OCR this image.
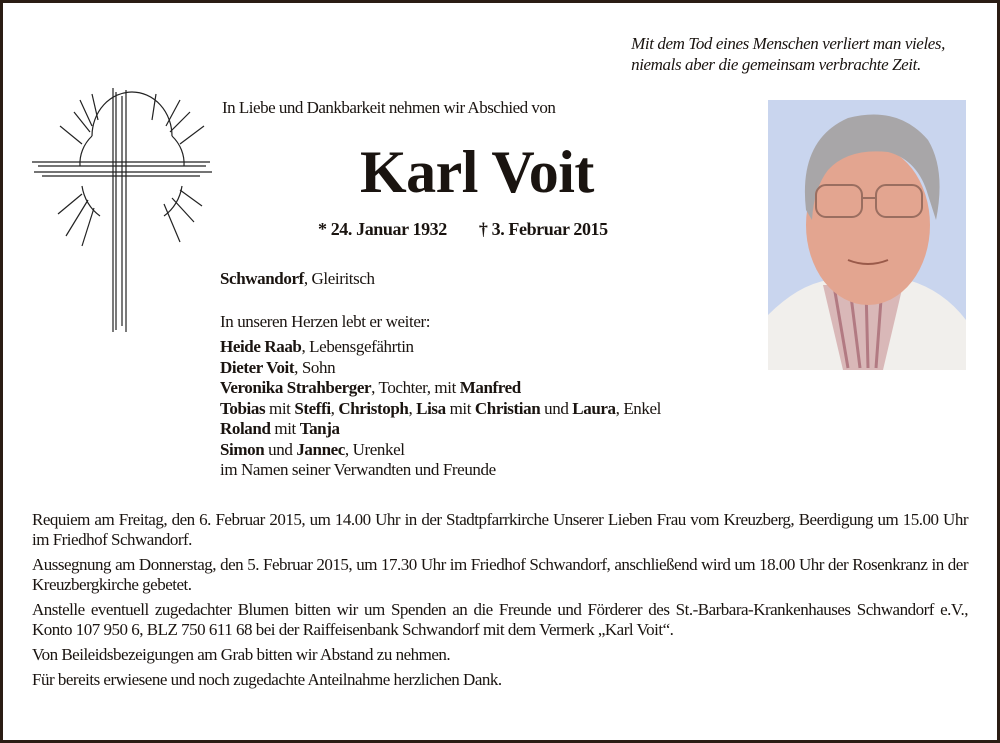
Mit dem Tod eines Menschen verliert man vieles,
niemals aber die gemeinsam verbrachte Zeit.
In Liebe und Dankbarkeit nehmen wir Abschied von
Karl Voit
* 24. Januar 1932 † 3. Februar 2015
Schwandorf, Gleiritsch
In unseren Herzen lebt er weiter:
Heide Raab, Lebensgefährtin
Dieter Voit, Sohn
Veronika Strahberger, Tochter, mit Manfred
Tobias mit Steffi, Christoph, Lisa mit Christian und Laura, Enkel
Roland mit Tanja
Simon und Jannec, Urenkel
im Namen seiner Verwandten und Freunde

Requiem am Freitag, den 6. Februar 2015, um 14.00 Uhr in der Stadtpfarrkirche Unserer Lieben Frau vom Kreuzberg, Beerdigung um 15.00 Uhr im Friedhof Schwandorf.

Aussegnung am Donnerstag, den 5. Februar 2015, um 17.30 Uhr im Friedhof Schwandorf, anschließend wird um 18.00 Uhr der Rosenkranz in der Kreuzbergkirche gebetet.

Anstelle eventuell zugedachter Blumen bitten wir um Spenden an die Freunde und Förderer des St.-Barbara-Krankenhauses Schwandorf e.V., Konto 107 950 6, BLZ 750 611 68 bei der Raiffeisenbank Schwandorf mit dem Vermerk „Karl Voit“.

Von Beileidsbezeigungen am Grab bitten wir Abstand zu nehmen.

Für bereits erwiesene und noch zugedachte Anteilnahme herzlichen Dank.
